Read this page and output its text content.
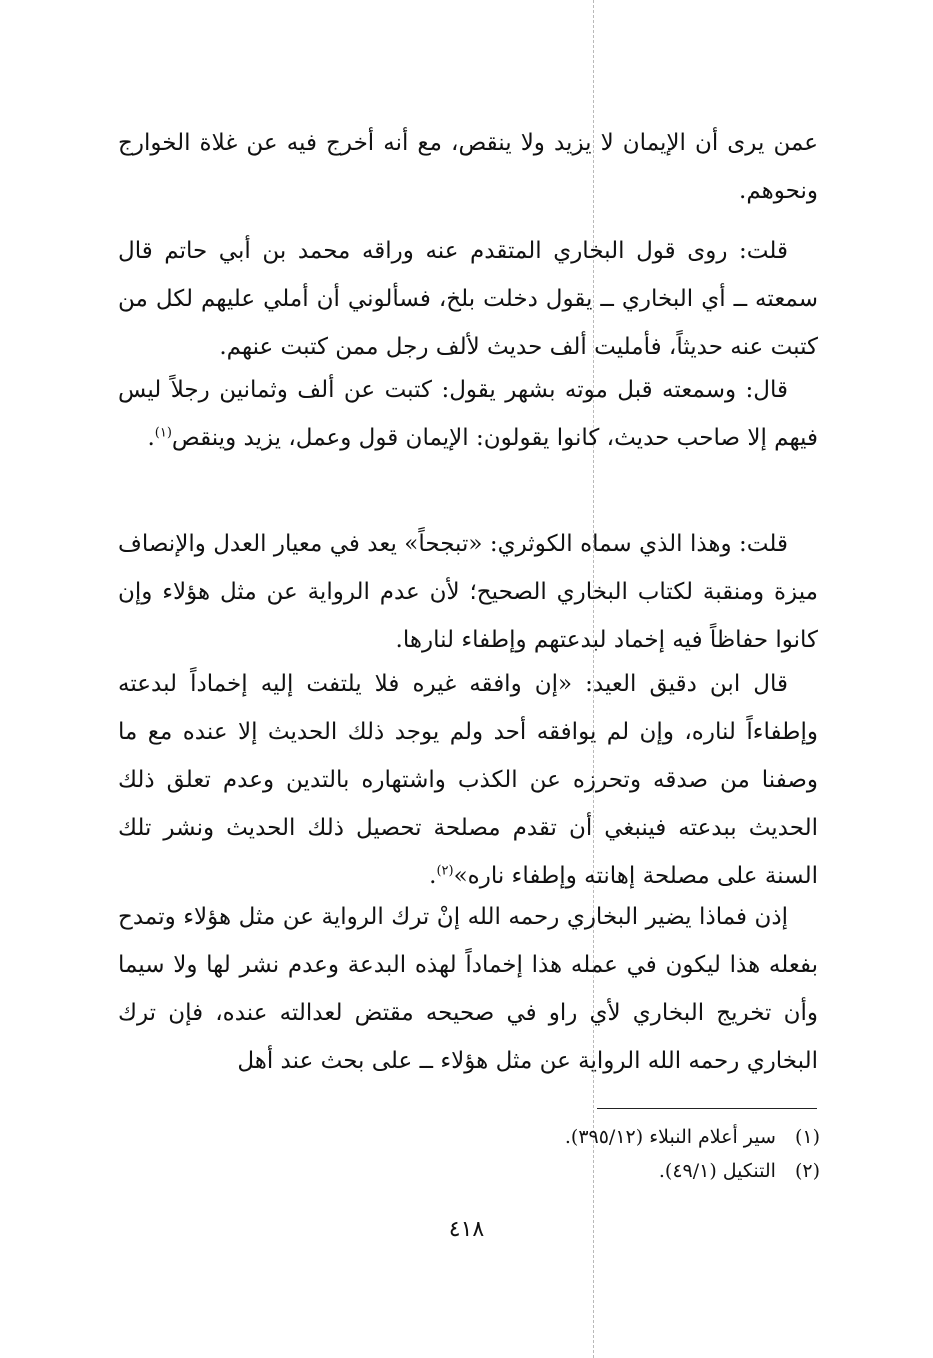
عمن يرى أن الإيمان لا يزيد ولا ينقص، مع أنه أخرج فيه عن غلاة الخوارج ونحوهم.

قلت: روى قول البخاري المتقدم عنه وراقه محمد بن أبي حاتم قال سمعته ــ أي البخاري ــ يقول دخلت بلخ، فسألوني أن أملي عليهم لكل من كتبت عنه حديثاً، فأمليت ألف حديث لألف رجل ممن كتبت عنهم.

قال: وسمعته قبل موته بشهر يقول: كتبت عن ألف وثمانين رجلاً ليس فيهم إلا صاحب حديث، كانوا يقولون: الإيمان قول وعمل، يزيد وينقص$^{(١)}$.

قلت: وهذا الذي سماه الكوثري: «تبجحاً» يعد في معيار العدل والإنصاف ميزة ومنقبة لكتاب البخاري الصحيح؛ لأن عدم الرواية عن مثل هؤلاء وإن كانوا حفاظاً فيه إخماد لبدعتهم وإطفاء لنارها.

قال ابن دقيق العيد: «إن وافقه غيره فلا يلتفت إليه إخماداً لبدعته وإطفاءاً لناره، وإن لم يوافقه أحد ولم يوجد ذلك الحديث إلا عنده مع ما وصفنا من صدقه وتحرزه عن الكذب واشتهاره بالتدين وعدم تعلق ذلك الحديث ببدعته فينبغي أن تقدم مصلحة تحصيل ذلك الحديث ونشر تلك السنة على مصلحة إهانته وإطفاء ناره»$^{(٢)}$.

إذن فماذا يضير البخاري رحمه الله إنْ ترك الرواية عن مثل هؤلاء وتمدح بفعله هذا ليكون في عمله هذا إخماداً لهذه البدعة وعدم نشر لها ولا سيما وأن تخريج البخاري لأي راو في صحيحه مقتض لعدالته عنده، فإن ترك البخاري رحمه الله الرواية عن مثل هؤلاء ــ على بحث عند أهل

(١) سير أعلام النبلاء (٣٩٥/١٢).
(٢) التنكيل (٤٩/١).
٤١٨
